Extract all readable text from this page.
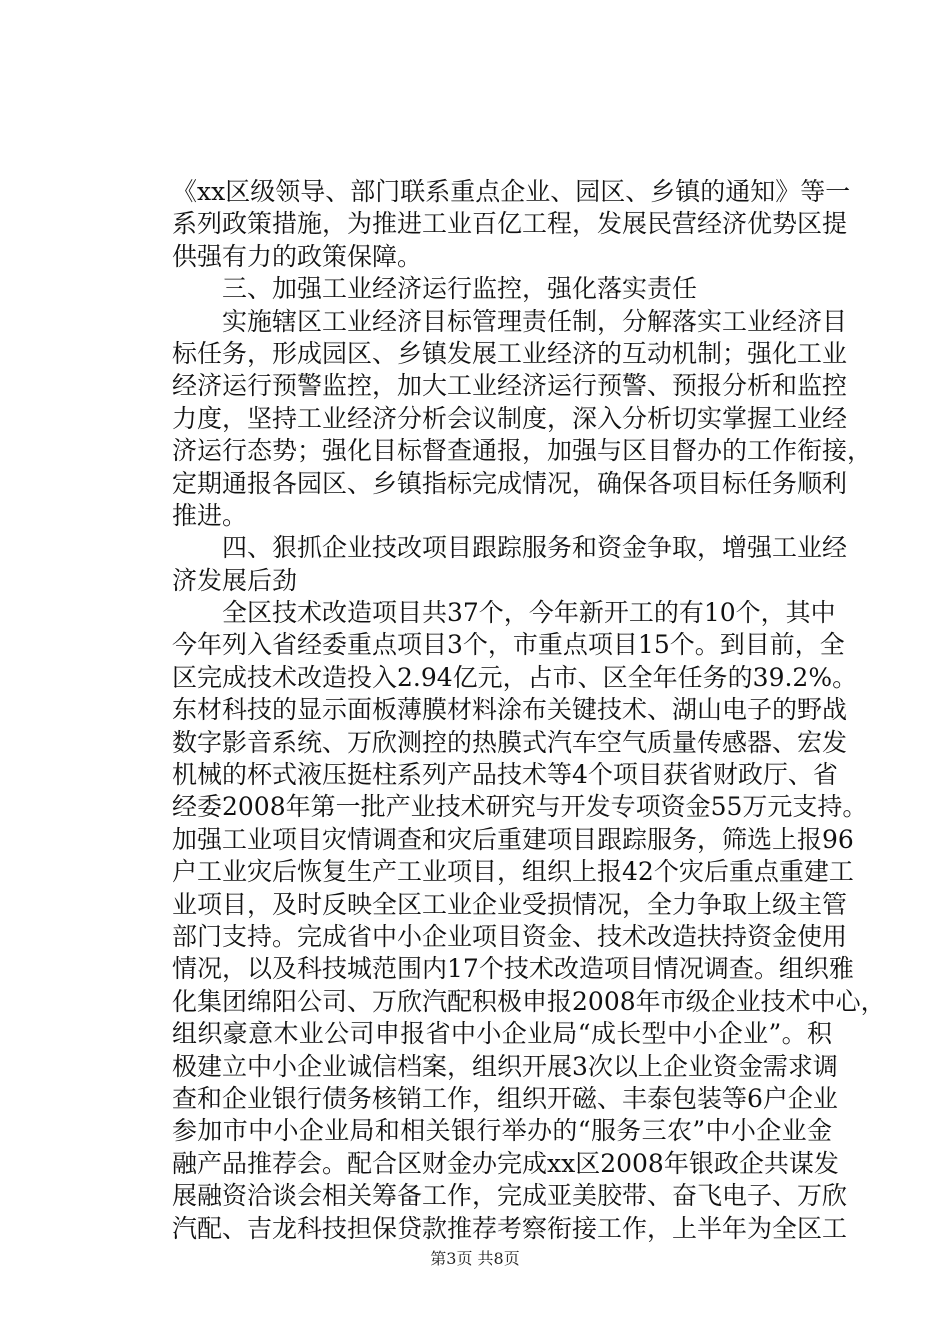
《xx区级领导、部门联系重点企业、园区、乡镇的通知》等一
系列政策措施，为推进工业百亿工程，发展民营经济优势区提
供强有力的政策保障。
三、加强工业经济运行监控，强化落实责任
实施辖区工业经济目标管理责任制，分解落实工业经济目
标任务，形成园区、乡镇发展工业经济的互动机制；强化工业
经济运行预警监控，加大工业经济运行预警、预报分析和监控
力度，坚持工业经济分析会议制度，深入分析切实掌握工业经
济运行态势；强化目标督查通报，加强与区目督办的工作衔接，
定期通报各园区、乡镇指标完成情况，确保各项目标任务顺利
推进。
四、狠抓企业技改项目跟踪服务和资金争取，增强工业经
济发展后劲
全区技术改造项目共37个，今年新开工的有10个，其中
今年列入省经委重点项目3个，市重点项目15个。到目前，全
区完成技术改造投入2.94亿元，占市、区全年任务的39.2%。
东材科技的显示面板薄膜材料涂布关键技术、湖山电子的野战
数字影音系统、万欣测控的热膜式汽车空气质量传感器、宏发
机械的杯式液压挺柱系列产品技术等4个项目获省财政厅、省
经委2008年第一批产业技术研究与开发专项资金55万元支持。
加强工业项目灾情调查和灾后重建项目跟踪服务，筛选上报96
户工业灾后恢复生产工业项目，组织上报42个灾后重点重建工
业项目，及时反映全区工业企业受损情况，全力争取上级主管
部门支持。完成省中小企业项目资金、技术改造扶持资金使用
情况，以及科技城范围内17个技术改造项目情况调查。组织雅
化集团绵阳公司、万欣汽配积极申报2008年市级企业技术中心，
组织豪意木业公司申报省中小企业局“成长型中小企业”。积
极建立中小企业诚信档案，组织开展3次以上企业资金需求调
查和企业银行债务核销工作，组织开磁、丰泰包装等6户企业
参加市中小企业局和相关银行举办的“服务三农”中小企业金
融产品推荐会。配合区财金办完成xx区2008年银政企共谋发
展融资洽谈会相关筹备工作，完成亚美胶带、奋飞电子、万欣
汽配、吉龙科技担保贷款推荐考察衔接工作，上半年为全区工
第3页 共8页
